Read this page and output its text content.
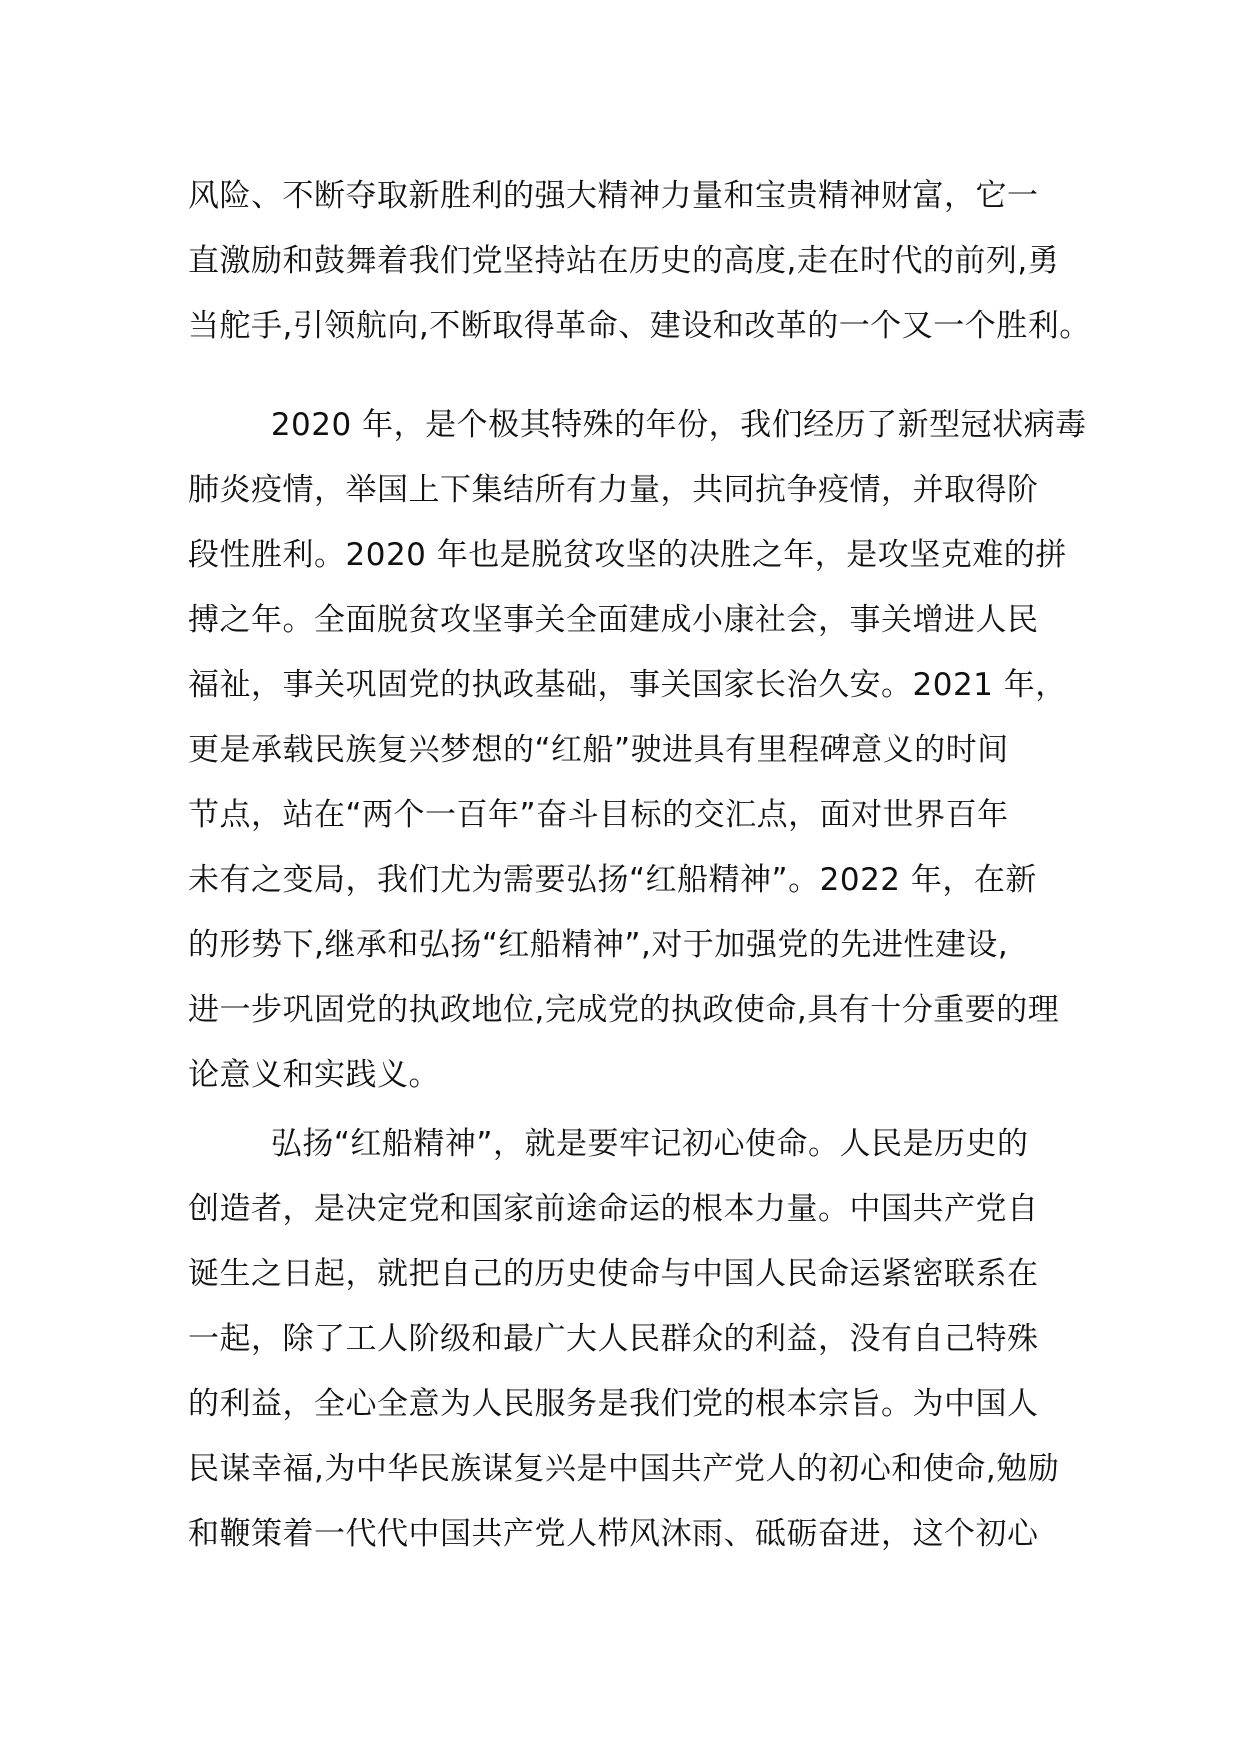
风险、不断夺取新胜利的强大精神力量和宝贵精神财富，它一
直激励和鼓舞着我们党坚持站在历史的高度,走在时代的前列,勇
当舵手,引领航向,不断取得革命、建设和改革的一个又一个胜利。
2020 年，是个极其特殊的年份，我们经历了新型冠状病毒
肺炎疫情，举国上下集结所有力量，共同抗争疫情，并取得阶
段性胜利。2020 年也是脱贫攻坚的决胜之年，是攻坚克难的拼
搏之年。全面脱贫攻坚事关全面建成小康社会，事关增进人民
福祉，事关巩固党的执政基础，事关国家长治久安。2021 年，
更是承载民族复兴梦想的“红船”驶进具有里程碑意义的时间
节点，站在“两个一百年”奋斗目标的交汇点，面对世界百年
未有之变局，我们尤为需要弘扬“红船精神”。2022 年，在新
的形势下,继承和弘扬“红船精神”,对于加强党的先进性建设,
进一步巩固党的执政地位,完成党的执政使命,具有十分重要的理
论意义和实践义。
弘扬“红船精神”，就是要牢记初心使命。人民是历史的
创造者，是决定党和国家前途命运的根本力量。中国共产党自
诞生之日起，就把自己的历史使命与中国人民命运紧密联系在
一起，除了工人阶级和最广大人民群众的利益，没有自己特殊
的利益，全心全意为人民服务是我们党的根本宗旨。为中国人
民谋幸福,为中华民族谋复兴是中国共产党人的初心和使命,勉励
和鞭策着一代代中国共产党人栉风沐雨、砥砺奋进，这个初心
